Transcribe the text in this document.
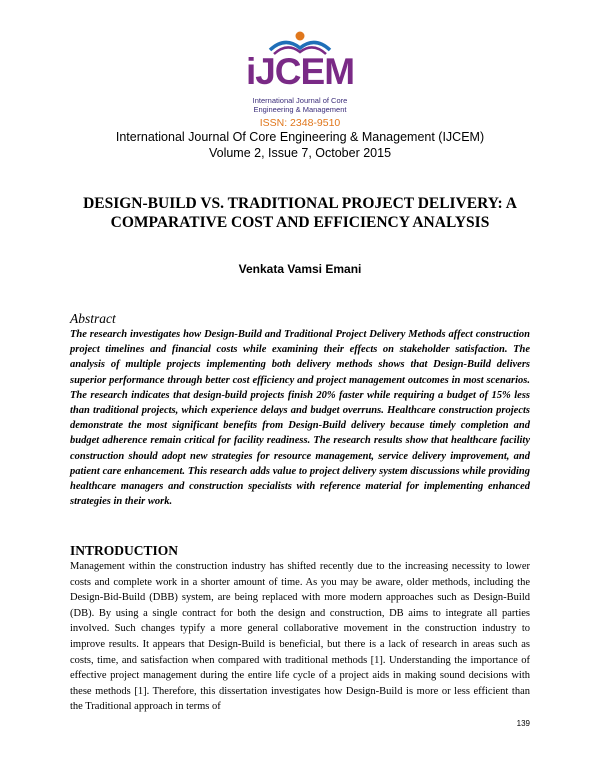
iJCEM
International Journal of Core
Engineering & Management
ISSN: 2348-9510
International Journal Of Core Engineering & Management (IJCEM)
Volume 2, Issue 7, October 2015
DESIGN-BUILD VS. TRADITIONAL PROJECT DELIVERY: A
COMPARATIVE COST AND EFFICIENCY ANALYSIS
Venkata Vamsi Emani
Abstract
The research investigates how Design-Build and Traditional Project Delivery Methods affect construction project timelines and financial costs while examining their effects on stakeholder satisfaction. The analysis of multiple projects implementing both delivery methods shows that Design-Build delivers superior performance through better cost efficiency and project management outcomes in most scenarios. The research indicates that design-build projects finish 20% faster while requiring a budget of 15% less than traditional projects, which experience delays and budget overruns. Healthcare construction projects demonstrate the most significant benefits from Design-Build delivery because timely completion and budget adherence remain critical for facility readiness. The research results show that healthcare facility construction should adopt new strategies for resource management, service delivery improvement, and patient care enhancement. This research adds value to project delivery system discussions while providing healthcare managers and construction specialists with reference material for implementing enhanced strategies in their work.
INTRODUCTION
Management within the construction industry has shifted recently due to the increasing necessity to lower costs and complete work in a shorter amount of time. As you may be aware, older methods, including the Design-Bid-Build (DBB) system, are being replaced with more modern approaches such as Design-Build (DB). By using a single contract for both the design and construction, DB aims to integrate all parties involved. Such changes typify a more general collaborative movement in the construction industry to improve results. It appears that Design-Build is beneficial, but there is a lack of research in areas such as costs, time, and satisfaction when compared with traditional methods [1]. Understanding the importance of effective project management during the entire life cycle of a project aids in making sound decisions with these methods [1]. Therefore, this dissertation investigates how Design-Build is more or less efficient than the Traditional approach in terms of
139
